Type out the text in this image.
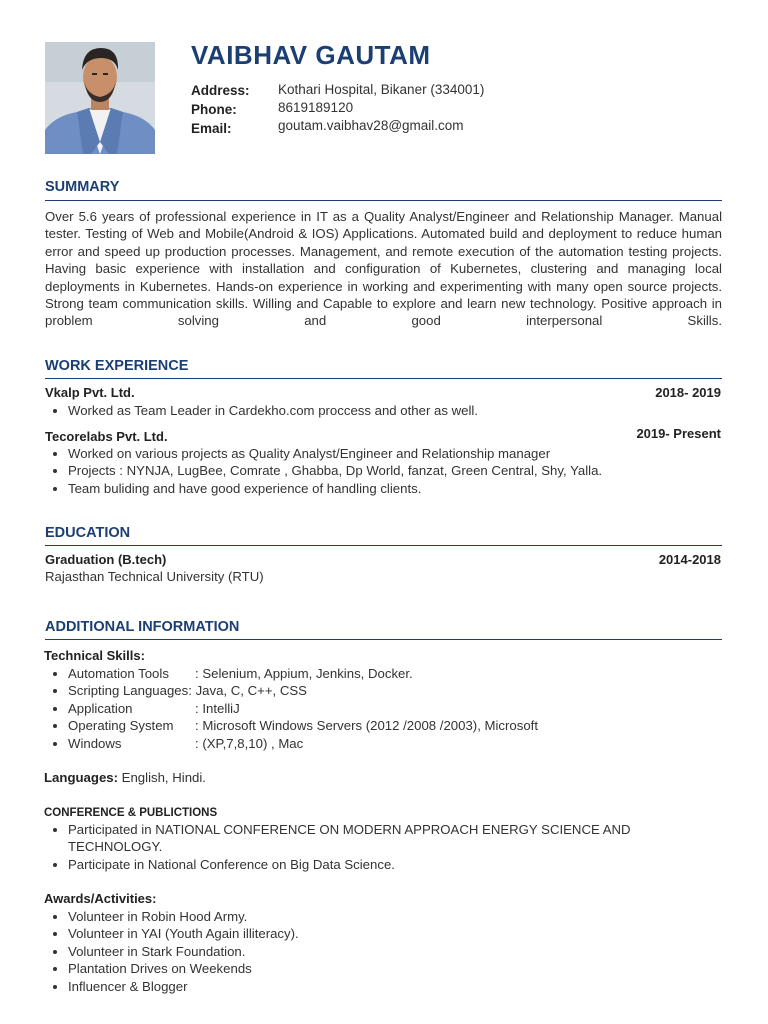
VAIBHAV GAUTAM
Address: Kothari Hospital, Bikaner (334001)
Phone:	8619189120
Email:	goutam.vaibhav28@gmail.com
SUMMARY

Over 5.6 years of professional experience in IT as a Quality Analyst/Engineer and Relationship Manager. Manual tester. Testing of Web and Mobile(Android & IOS) Applications. Automated build and deployment to reduce human error and speed up production processes. Management, and remote execution of the automation testing projects. Having basic experience with installation and configuration of Kubernetes, clustering and managing local deployments in Kubernetes. Hands-on experience in working and experimenting with many open source projects. Strong team communication skills. Willing and Capable to explore and learn new technology. Positive approach in problem solving and good interpersonal Skills.

WORK EXPERIENCE
Vkalp Pvt. Ltd.	2018- 2019
• Worked as Team Leader in Cardekho.com proccess and other as well.
Tecorelabs Pvt. Ltd.	2019- Present
• Worked on various projects as Quality Analyst/Engineer and Relationship manager
• Projects : NYNJA, LugBee, Comrate , Ghabba, Dp World, fanzat, Green Central, Shy, Yalla.
• Team buliding and have good experience of handling clients.
EDUCATION
Graduation (B.tech)	2014-2018
Rajasthan Technical University (RTU)
ADDITIONAL INFORMATION
Technical Skills:
• Automation Tools : Selenium, Appium, Jenkins, Docker.
• Scripting Languages: Java, C, C++, CSS
• Application	: IntelliJ
• Operating System : Microsoft Windows Servers (2012 /2008 /2003), Microsoft
• Windows	: (XP,7,8,10) , Mac
Languages: English, Hindi.
CONFERENCE & PUBLICTIONS
• Participated in NATIONAL CONFERENCE ON MODERN APPROACH ENERGY SCIENCE AND TECHNOLOGY.
• Participate in National Conference on Big Data Science.
Awards/Activities:
• Volunteer in Robin Hood Army.
• Volunteer in YAI (Youth Again illiteracy).
• Volunteer in Stark Foundation.
• Plantation Drives on Weekends
• Influencer & Blogger
